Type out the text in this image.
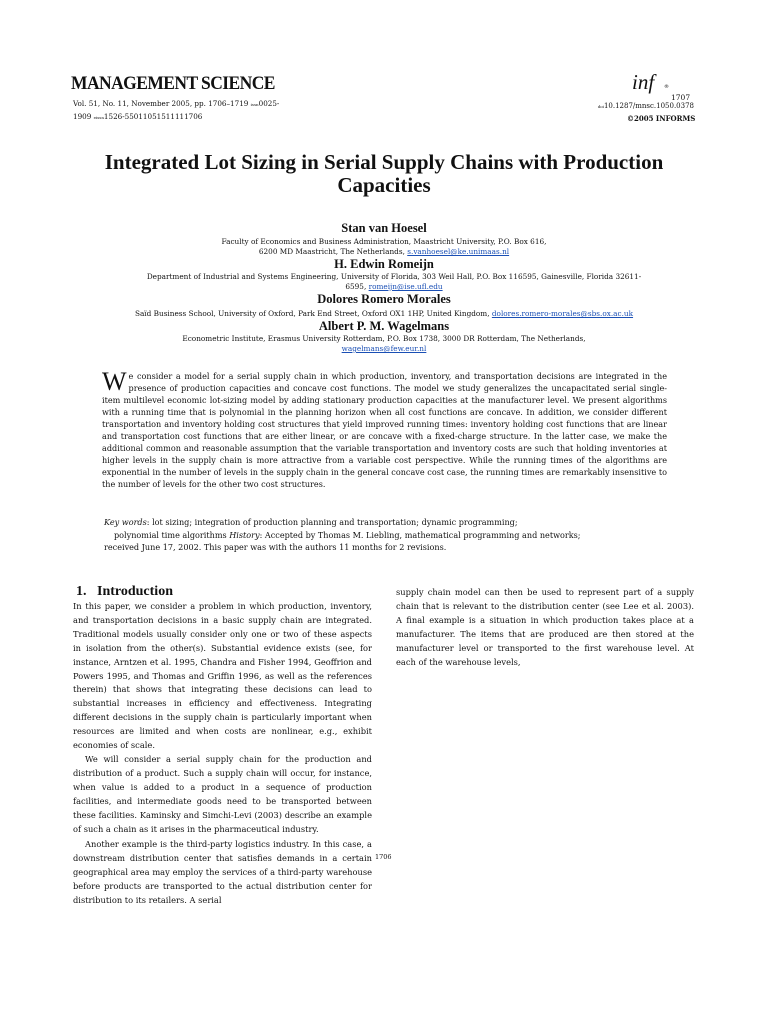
MANAGEMENT SCIENCE
Vol. 51, No. 11, November 2005, pp. 1706–1719 issn0025-
1909 eissn1526-55011051511111706
inf ®
1707
doi10.1287/mnsc.1050.0378
©2005 INFORMS
Integrated Lot Sizing in Serial Supply Chains with Production Capacities
Stan van Hoesel
Faculty of Economics and Business Administration, Maastricht University, P.O. Box 616,
6200 MD Maastricht, The Netherlands, s.vanhoesel@ke.unimaas.nl
H. Edwin Romeijn
Department of Industrial and Systems Engineering, University of Florida, 303 Weil Hall, P.O. Box 116595, Gainesville, Florida 32611-
6595, romeijn@ise.ufl.edu
Dolores Romero Morales
Saïd Business School, University of Oxford, Park End Street, Oxford OX1 1HP, United Kingdom, dolores.romero-morales@sbs.ox.ac.uk
Albert P. M. Wagelmans
Econometric Institute, Erasmus University Rotterdam, P.O. Box 1738, 3000 DR Rotterdam, The Netherlands,
wagelmans@few.eur.nl
We consider a model for a serial supply chain in which production, inventory, and transportation decisions are integrated in the presence of production capacities and concave cost functions. The model we study generalizes the uncapacitated serial single-item multilevel economic lot-sizing model by adding stationary production capacities at the manufacturer level. We present algorithms with a running time that is polynomial in the planning horizon when all cost functions are concave. In addition, we consider different transportation and inventory holding cost structures that yield improved running times: inventory holding cost functions that are linear and transportation cost functions that are either linear, or are concave with a fixed-charge structure. In the latter case, we make the additional common and reasonable assumption that the variable transportation and inventory costs are such that holding inventories at higher levels in the supply chain is more attractive from a variable cost perspective. While the running times of the algorithms are exponential in the number of levels in the supply chain in the general concave cost case, the running times are remarkably insensitive to the number of levels for the other two cost structures.
Key words: lot sizing; integration of production planning and transportation; dynamic programming;
polynomial time algorithms History: Accepted by Thomas M. Liebling, mathematical programming and networks;
received June 17, 2002. This paper was with the authors 11 months for 2 revisions.
1. Introduction

In this paper, we consider a problem in which production, inventory, and transportation decisions in a basic supply chain are integrated. Traditional models usually consider only one or two of these aspects in isolation from the other(s). Substantial evidence exists (see, for instance, Arntzen et al. 1995, Chandra and Fisher 1994, Geoffrion and Powers 1995, and Thomas and Griffin 1996, as well as the references therein) that shows that integrating these decisions can lead to substantial increases in efficiency and effectiveness. Integrating different decisions in the supply chain is particularly important when resources are limited and when costs are nonlinear, e.g., exhibit economies of scale.

We will consider a serial supply chain for the production and distribution of a product. Such a supply chain will occur, for instance, when value is added to a product in a sequence of production facilities, and intermediate goods need to be transported between these facilities. Kaminsky and Simchi-Levi (2003) describe an example of such a chain as it arises in the pharmaceutical industry.

Another example is the third-party logistics industry. In this case, a downstream distribution center that satisfies demands in a certain geographical area may employ the services of a third-party warehouse before products are transported to the actual distribution center for distribution to its retailers. A serial

supply chain model can then be used to represent part of a supply chain that is relevant to the distribution center (see Lee et al. 2003). A final example is a situation in which production takes place at a manufacturer. The items that are produced are then stored at the manufacturer level or transported to the first warehouse level. At each of the warehouse levels,

1706
